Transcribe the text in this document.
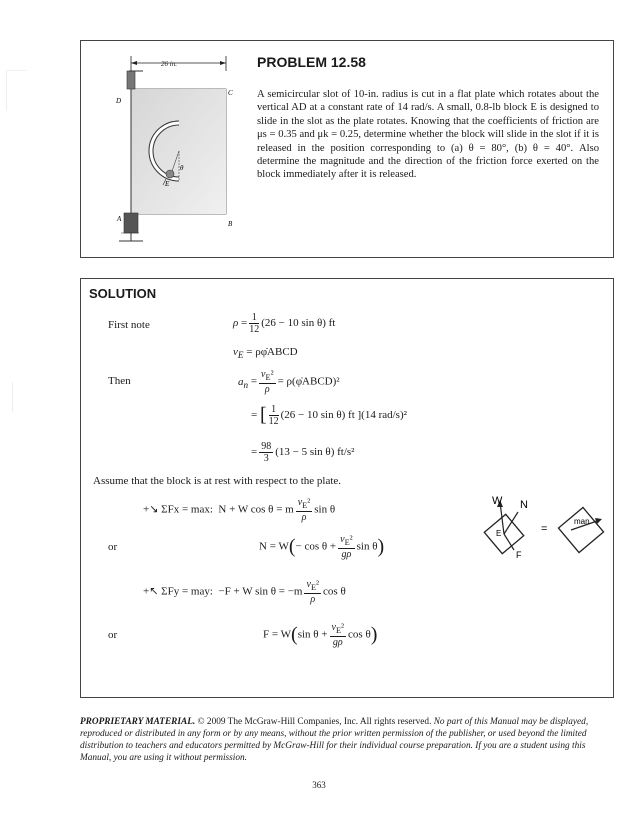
26 in.
C
D
E
θ
A
B
PROBLEM 12.58
A semicircular slot of 10-in. radius is cut in a flat plate which rotates about the vertical AD at a constant rate of 14 rad/s. A small, 0.8-lb block E is designed to slide in the slot as the plate rotates. Knowing that the coefficients of friction are μs = 0.35 and μk = 0.25, determine whether the block will slide in the slot if it is released in the position corresponding to (a) θ = 80°, (b) θ = 40°. Also determine the magnitude and the direction of the friction force exerted on the block immediately after it is released.
SOLUTION
First note	$\rho = \frac{1}{12} (26 - 10$ sin θ) ft
$v_E$ = ρφ̇ABCD
Then	$a_n = \frac{v_E^2}{\rho}$ = ρ(φ̇ABCD)²
= [ $\frac{1}{12} (26 - 10$ sin θ) ft ](14 rad/s)²
= $\frac{98}{3} (13 - 5$ sin θ) ft/s²
Assume that the block is at rest with respect to the plate.
+↘ ΣFx = max: N + W cos θ = m $\frac{v_E^2}{\rho}$ sin θ
or	$N = W(- \cos \theta + \frac{v_E^2}{g\rho}$ sin θ)
+↖ ΣFy = may: −F + W $\sin \theta = -m \frac{v_E^2}{\rho}$ cos θ
or	F = W(sin $\theta + \frac{v_E^2}{g\rho}$ cos θ)
W N
F
E	=
man
PROPRIETARY MATERIAL. © 2009 The McGraw-Hill Companies, Inc. All rights reserved. No part of this Manual may be displayed, reproduced or distributed in any form or by any means, without the prior written permission of the publisher, or used beyond the limited distribution to teachers and educators permitted by McGraw-Hill for their individual course preparation. If you are a student using this Manual, you are using it without permission.
363
